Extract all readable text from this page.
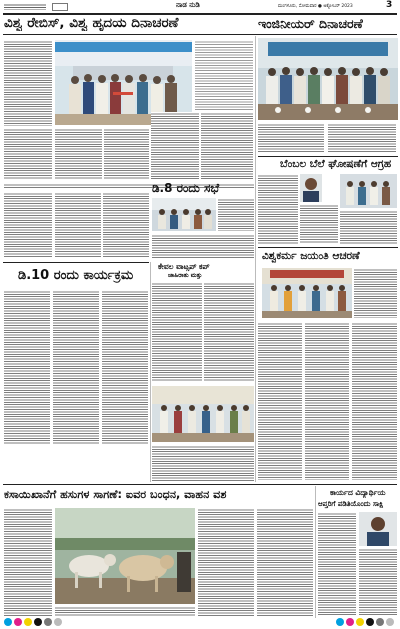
ನಾಡ ನುಡಿ	ಮಂಗಳೂರು, ಸೋಮವಾರ ● ಅಕ್ಟೋಬರ್ 2023	3
ವಿಶ್ವ ರೇಬಿಸ್, ವಿಶ್ವ ಹೃದಯ ದಿನಾಚರಣೆ	ಇಂಜಿನೀಯರ್ ದಿನಾಚರಣೆ
ಬೆಂಬಲ ಬೆಲೆ ಘೋಷಣೆಗೆ ಆಗ್ರಹ
ಡಿ.8 ರಂದು ಸಭೆ
ಕೇವಲ ವಾಟ್ಸಪ್ ಕಪ್
ಜಾಹಿರಾತು ಮತ್ತು
ವಿಶ್ವಕರ್ಮ ಜಯಂತಿ ಆಚರಣೆ
ಡಿ.10 ರಂದು ಕಾರ್ಯಕ್ರಮ
ಕಸಾಯಿಖಾನೆಗೆ ಹಸುಗಳ ಸಾಗಣೆ: ಐವರ ಬಂಧನ, ವಾಹನ ವಶ	ಕಾರ್ಯದ ವಿದ್ಯಾರ್ಥಿಯ
ಆಪ್ತರಿಗೆ ಪಡಿತಿಯೊಂದು ಸಾಕ್ಷಿ
